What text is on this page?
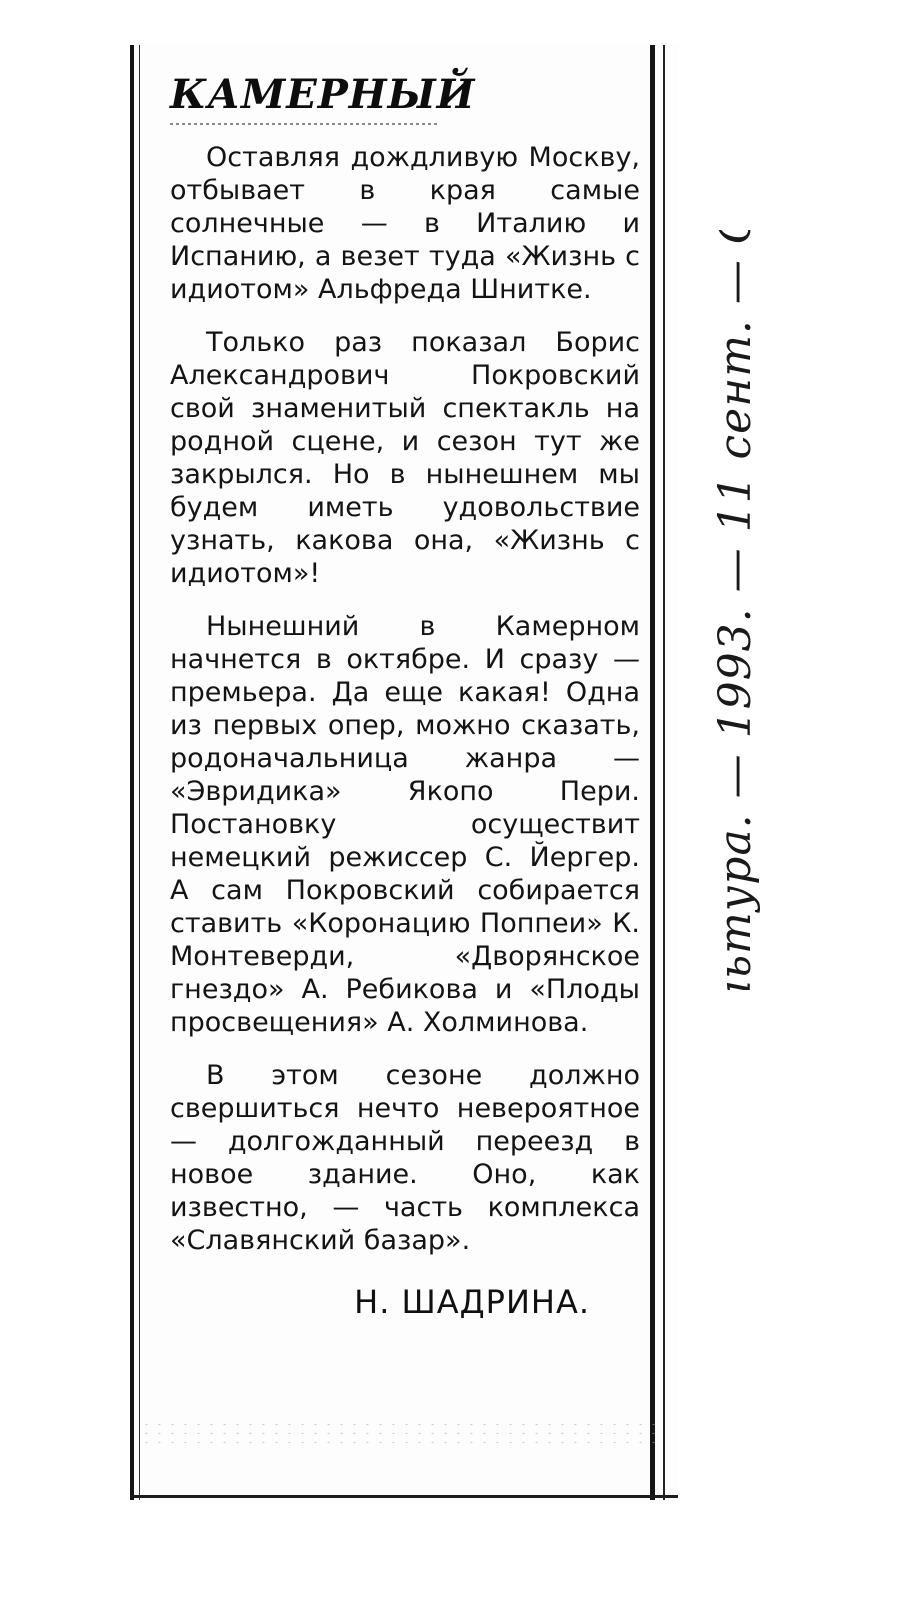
КАМЕРНЫЙ

Оставляя дождливую Москву, отбывает в края самые солнечные — в Италию и Испанию, а везет туда «Жизнь с идиотом» Альфреда Шнитке.

Только раз показал Борис Александрович Покровский свой знаменитый спектакль на родной сцене, и сезон тут же закрылся. Но в нынешнем мы будем иметь удовольствие узнать, какова она, «Жизнь с идиотом»!

Нынешний в Камерном начнется в октябре. И сразу — премьера. Да еще какая! Одна из первых опер, можно сказать, родоначальница жанра — «Эвридика» Якопо Пери. Постановку осуществит немецкий режиссер С. Йергер. А сам Покровский собирается ставить «Коронацию Поппеи» К. Монтеверди, «Дворянское гнездо» А. Ребикова и «Плоды просвещения» А. Холминова.

В этом сезоне должно свершиться нечто невероятное — долгожданный переезд в новое здание. Оно, как известно, — часть комплекса «Славянский базар».

Н. ШАДРИНА.
Культура. — 1993. — 11 сент. — С. 9
